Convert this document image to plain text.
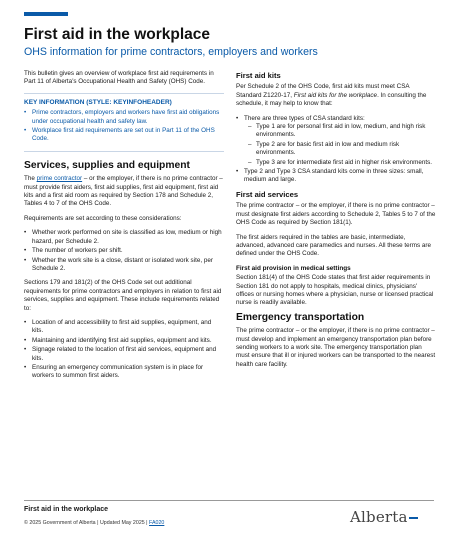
First aid in the workplace

OHS information for prime contractors, employers and workers

This bulletin gives an overview of workplace first aid requirements in Part 11 of Alberta's Occupational Health and Safety (OHS) Code.

KEY INFORMATION (STYLE: KEYINFOHEADER)
• Prime contractors, employers and workers have first aid obligations under occupational health and safety law.
• Workplace first aid requirements are set out in Part 11 of the OHS Code.
Services, supplies and equipment

The prime contractor – or the employer, if there is no prime contractor – must provide first aiders, first aid supplies, first aid equipment, first aid kits and a first aid room as required by Section 178 and Schedule 2, Tables 4 to 7 of the OHS Code.

Requirements are set according to these considerations:

• Whether work performed on site is classified as low, medium or high hazard, per Schedule 2.
• The number of workers per shift.
• Whether the work site is a close, distant or isolated work site, per Schedule 2.

Sections 179 and 181(2) of the OHS Code set out additional requirements for prime contractors and employers in relation to first aid services, supplies and equipment. These include requirements related to:

• Location of and accessibility to first aid supplies, equipment, and kits.
• Maintaining and identifying first aid supplies, equipment and kits.
• Signage related to the location of first aid services, equipment and kits.
• Ensuring an emergency communication system is in place for workers to summon first aiders.
First aid kits

Per Schedule 2 of the OHS Code, first aid kits must meet CSA Standard Z1220-17, First aid kits for the workplace. In consulting the schedule, it may help to know that:

• There are three types of CSA standard kits:
– Type 1 are for personal first aid in low, medium, and high risk environments.
– Type 2 are for basic first aid in low and medium risk environments.
– Type 3 are for intermediate first aid in higher risk environments.
• Type 2 and Type 3 CSA standard kits come in three sizes: small, medium and large.
First aid services

The prime contractor – or the employer, if there is no prime contractor – must designate first aiders according to Schedule 2, Tables 5 to 7 of the OHS Code as required by Section 181(1).

The first aiders required in the tables are basic, intermediate, advanced, advanced care paramedics and nurses. All these terms are defined under the OHS Code.

First aid provision in medical settings

Section 181(4) of the OHS Code states that first aider requirements in Section 181 do not apply to hospitals, medical clinics, physicians' offices or nursing homes where a physician, nurse or licensed practical nurse is readily available.

Emergency transportation

The prime contractor – or the employer, if there is no prime contractor – must develop and implement an emergency transportation plan before sending workers to a work site. The emergency transportation plan must ensure that ill or injured workers can be transported to the nearest health care facility.

First aid in the workplace

© 2025 Government of Alberta | Updated May 2025 | FA020	Alberta
